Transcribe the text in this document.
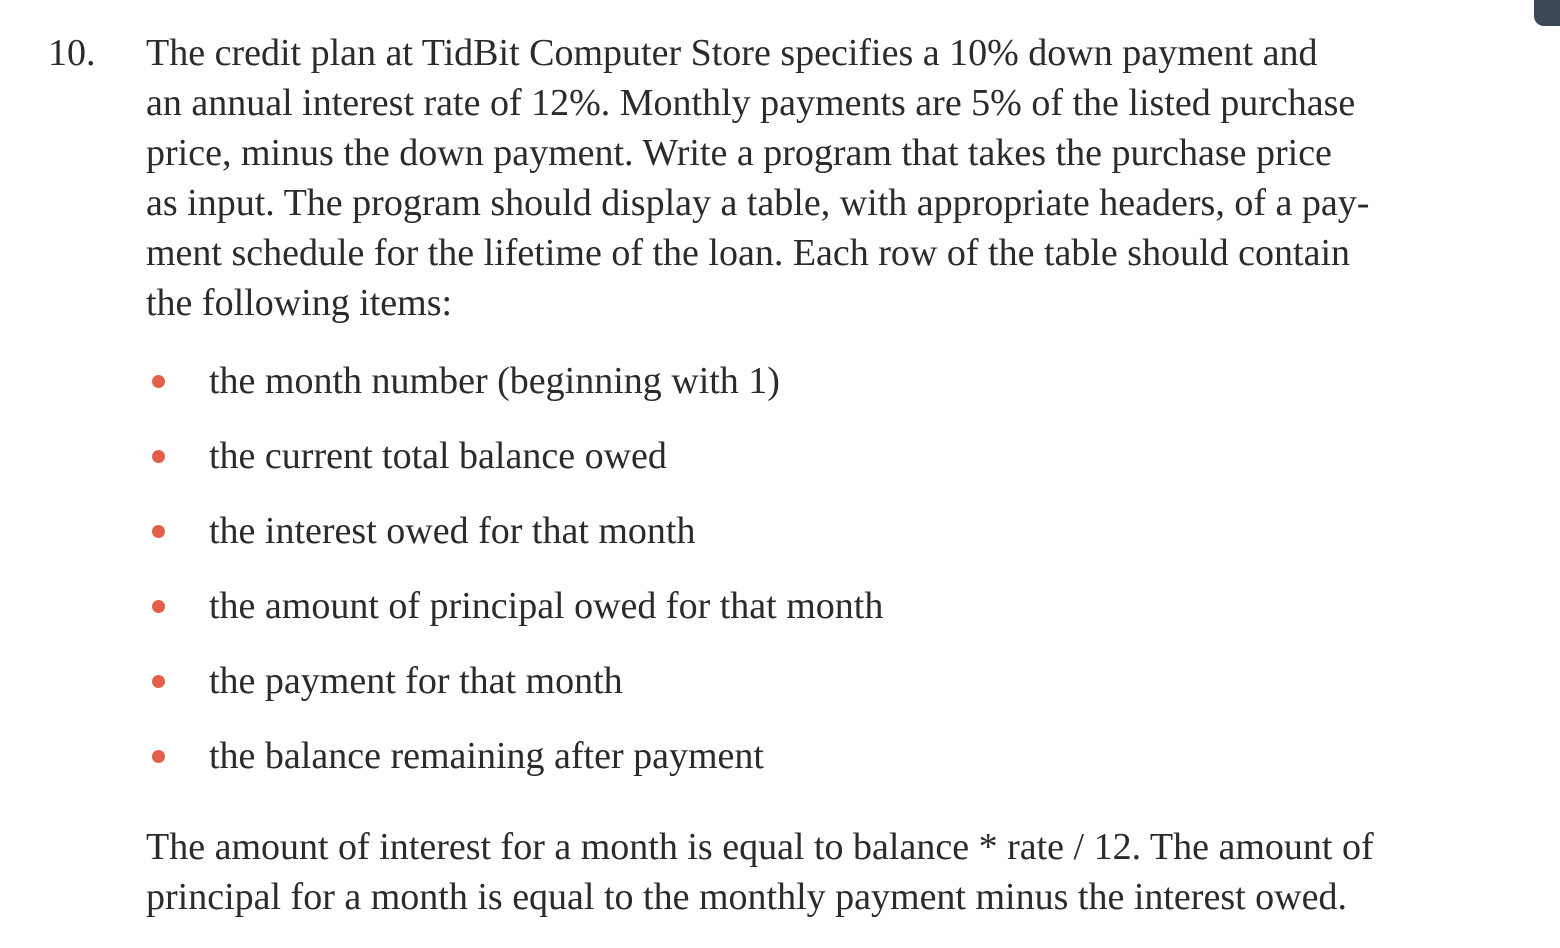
10. The credit plan at TidBit Computer Store specifies a 10% down payment and
an annual interest rate of 12%. Monthly payments are 5% of the listed purchase
price, minus the down payment. Write a program that takes the purchase price
as input. The program should display a table, with appropriate headers, of a pay-
ment schedule for the lifetime of the loan. Each row of the table should contain
the following items:

the month number (beginning with 1)
the current total balance owed
the interest owed for that month
the amount of principal owed for that month
the payment for that month
the balance remaining after payment

The amount of interest for a month is equal to balance * rate / 12. The amount of
principal for a month is equal to the monthly payment minus the interest owed.
